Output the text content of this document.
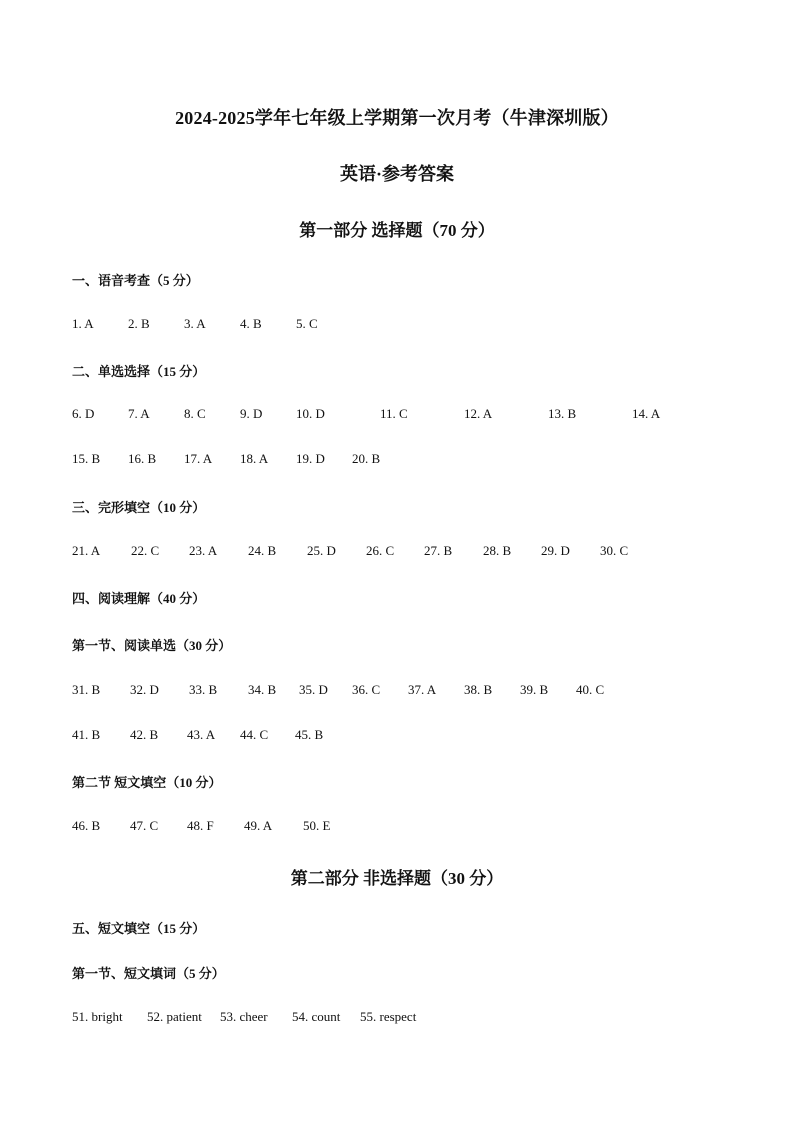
2024-2025学年七年级上学期第一次月考（牛津深圳版）
英语·参考答案
第一部分 选择题（70 分）
一、语音考查（5 分）
1. A	2. B	3. A	4. B	5. C
二、单选选择（15 分）
6. D	7. A	8. C	9. D	10. D	11. C	12. A	13. B	14. A
15. B 16. B 17. A 18. A 19. D 20. B
三、完形填空（10 分）
21. A 22. C 23. A 24. B 25. D 26. C 27. B 28. B 29. D 30. C
四、阅读理解（40 分）
第一节、阅读单选（30 分）
31. B 32. D 33. B 34. B 35. D 36. C 37. A 38. B 39. B 40. C
41. B 42. B 43. A 44. C 45. B
第二节 短文填空（10 分）
46. B 47. C 48. F 49. A 50. E
第二部分 非选择题（30 分）
五、短文填空（15 分）
第一节、短文填词（5 分）
51. bright 52. patient 53. cheer 54. count 55. respect
